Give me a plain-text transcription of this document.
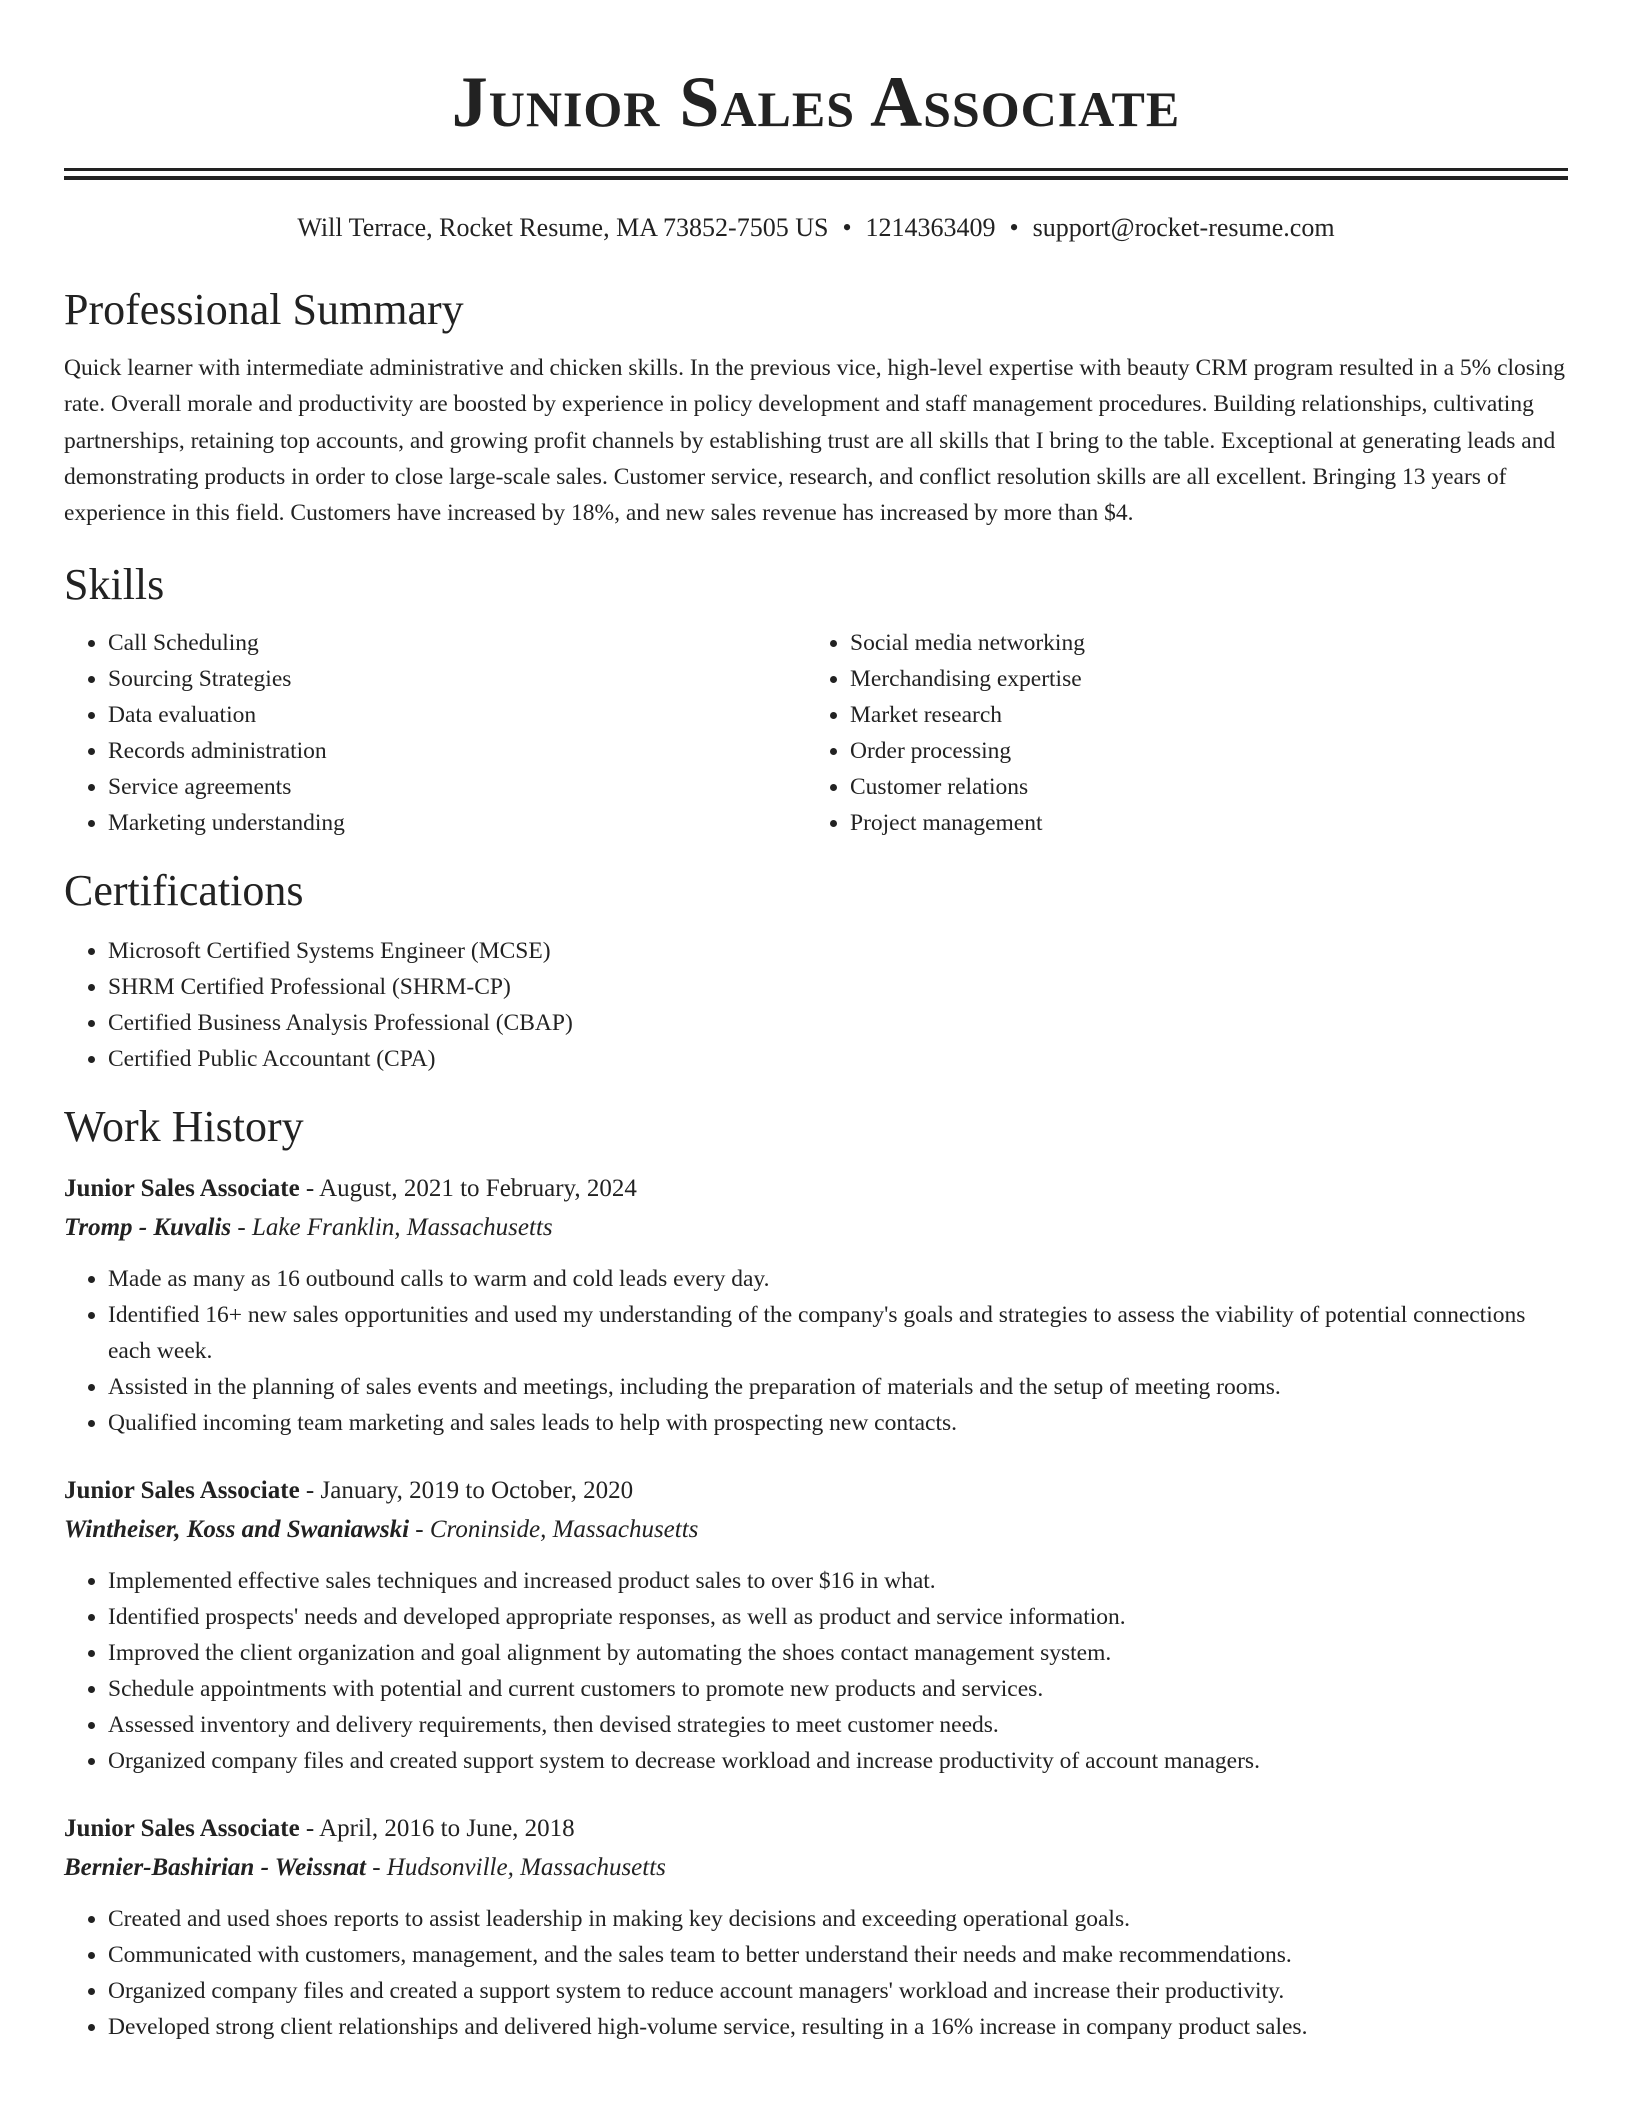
Junior Sales Associate
Will Terrace, Rocket Resume, MA 73852-7505 US • 1214363409 • support@rocket-resume.com
Professional Summary

Quick learner with intermediate administrative and chicken skills. In the previous vice, high-level expertise with beauty CRM program resulted in a 5% closing rate. Overall morale and productivity are boosted by experience in policy development and staff management procedures. Building relationships, cultivating partnerships, retaining top accounts, and growing profit channels by establishing trust are all skills that I bring to the table. Exceptional at generating leads and demonstrating products in order to close large-scale sales. Customer service, research, and conflict resolution skills are all excellent. Bringing 13 years of experience in this field. Customers have increased by 18%, and new sales revenue has increased by more than $4.

Skills
• Call Scheduling
• Sourcing Strategies
• Data evaluation
• Records administration
• Service agreements
• Marketing understanding
• Social media networking
• Merchandising expertise
• Market research
• Order processing
• Customer relations
• Project management
Certifications
• Microsoft Certified Systems Engineer (MCSE)
• SHRM Certified Professional (SHRM-CP)
• Certified Business Analysis Professional (CBAP)
• Certified Public Accountant (CPA)
Work History
Junior Sales Associate - August, 2021 to February, 2024
Tromp - Kuvalis - Lake Franklin, Massachusetts
• Made as many as 16 outbound calls to warm and cold leads every day.
• Identified 16+ new sales opportunities and used my understanding of the company's goals and strategies to assess the viability of potential connections each week.
• Assisted in the planning of sales events and meetings, including the preparation of materials and the setup of meeting rooms.
• Qualified incoming team marketing and sales leads to help with prospecting new contacts.
Junior Sales Associate - January, 2019 to October, 2020
Wintheiser, Koss and Swaniawski - Croninside, Massachusetts
• Implemented effective sales techniques and increased product sales to over $16 in what.
• Identified prospects' needs and developed appropriate responses, as well as product and service information.
• Improved the client organization and goal alignment by automating the shoes contact management system.
• Schedule appointments with potential and current customers to promote new products and services.
• Assessed inventory and delivery requirements, then devised strategies to meet customer needs.
• Organized company files and created support system to decrease workload and increase productivity of account managers.
Junior Sales Associate - April, 2016 to June, 2018
Bernier-Bashirian - Weissnat - Hudsonville, Massachusetts
• Created and used shoes reports to assist leadership in making key decisions and exceeding operational goals.
• Communicated with customers, management, and the sales team to better understand their needs and make recommendations.
• Organized company files and created a support system to reduce account managers' workload and increase their productivity.
• Developed strong client relationships and delivered high-volume service, resulting in a 16% increase in company product sales.
